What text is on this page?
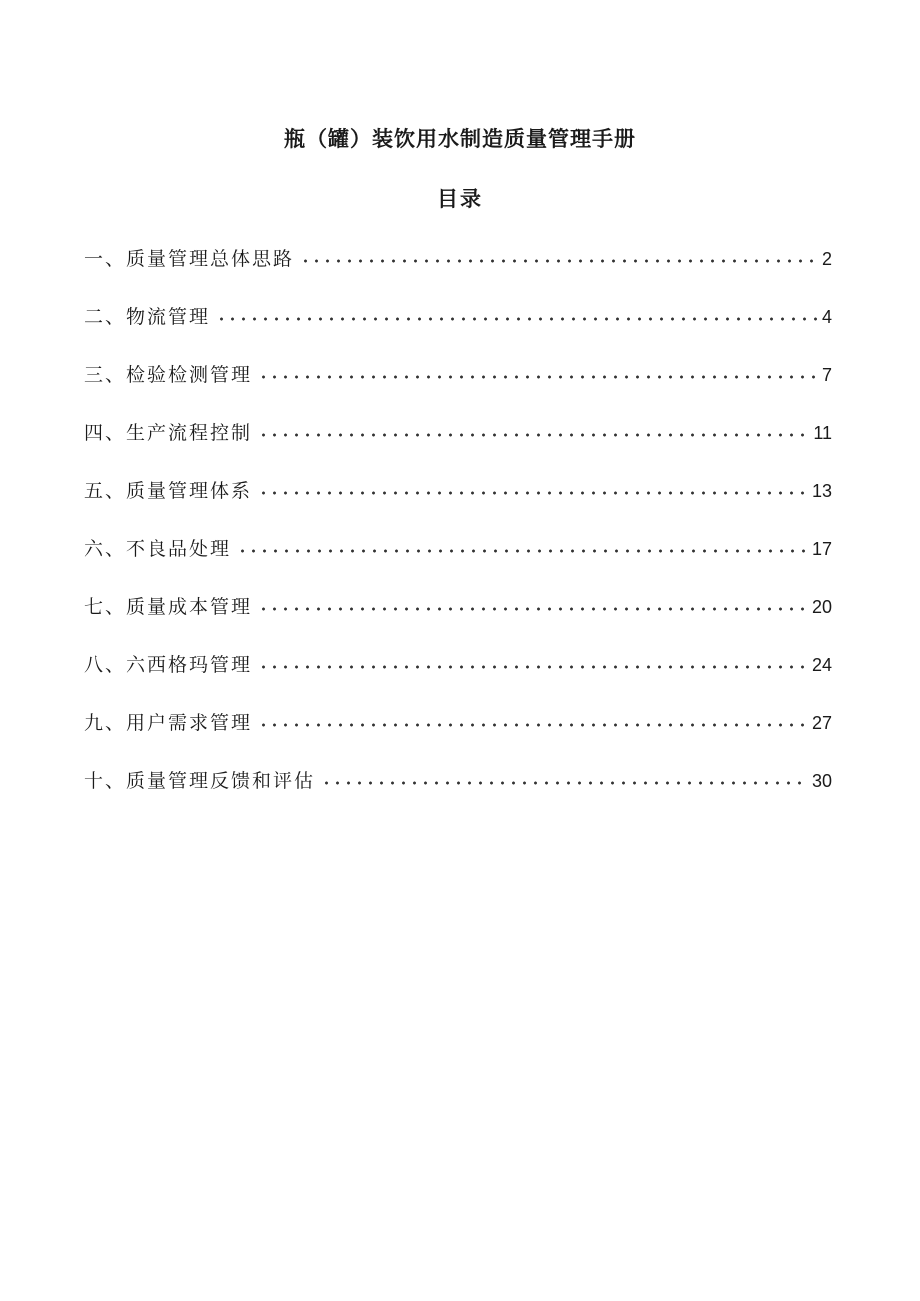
瓶（罐）装饮用水制造质量管理手册
目录
一、质量管理总体思路	2
二、物流管理	4
三、检验检测管理	7
四、生产流程控制	11
五、质量管理体系	13
六、不良品处理	17
七、质量成本管理	20
八、六西格玛管理	24
九、用户需求管理	27
十、质量管理反馈和评估	30
